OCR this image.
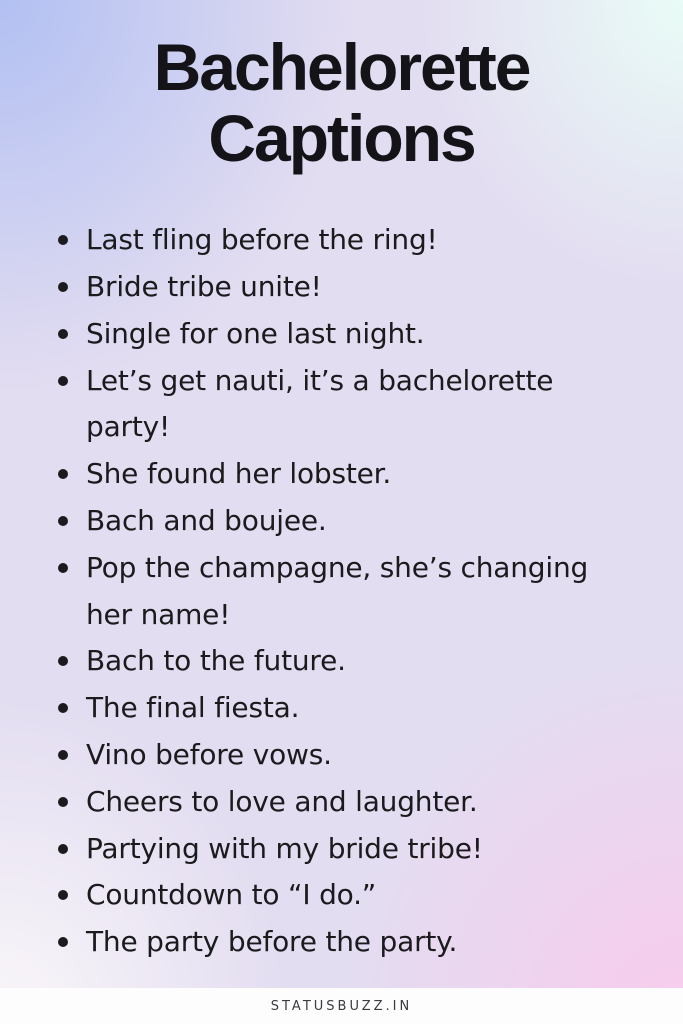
Bachelorette
Captions
Last fling before the ring!
Bride tribe unite!
Single for one last night.
Let’s get nauti, it’s a bachelorette party!
She found her lobster.
Bach and boujee.
Pop the champagne, she’s changing her name!
Bach to the future.
The final fiesta.
Vino before vows.
Cheers to love and laughter.
Partying with my bride tribe!
Countdown to “I do.”
The party before the party.
STATUSBUZZ.IN
